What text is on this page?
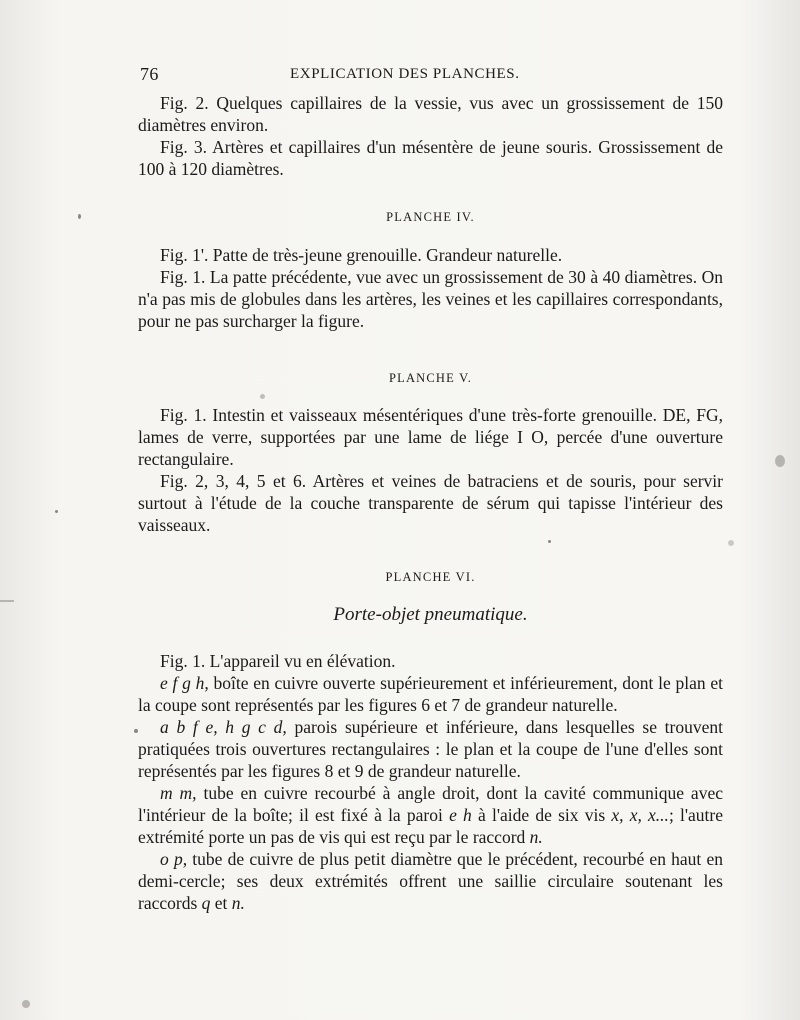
76	EXPLICATION DES PLANCHES.

Fig. 2. Quelques capillaires de la vessie, vus avec un grossissement de 150 diamètres environ.

Fig. 3. Artères et capillaires d'un mésentère de jeune souris. Grossissement de 100 à 120 diamètres.

PLANCHE IV.

Fig. 1'. Patte de très-jeune grenouille. Grandeur naturelle.

Fig. 1. La patte précédente, vue avec un grossissement de 30 à 40 diamètres. On n'a pas mis de globules dans les artères, les veines et les capillaires correspondants, pour ne pas surcharger la figure.

PLANCHE V.

Fig. 1. Intestin et vaisseaux mésentériques d'une très-forte grenouille. DE, FG, lames de verre, supportées par une lame de liége I O, percée d'une ouverture rectangulaire.

Fig. 2, 3, 4, 5 et 6. Artères et veines de batraciens et de souris, pour servir surtout à l'étude de la couche transparente de sérum qui tapisse l'intérieur des vaisseaux.

PLANCHE VI.
Porte-objet pneumatique.

Fig. 1. L'appareil vu en élévation.

e f g h, boîte en cuivre ouverte supérieurement et inférieurement, dont le plan et la coupe sont représentés par les figures 6 et 7 de grandeur naturelle.

a b f e, h g c d, parois supérieure et inférieure, dans lesquelles se trouvent pratiquées trois ouvertures rectangulaires : le plan et la coupe de l'une d'elles sont représentés par les figures 8 et 9 de grandeur naturelle.

m m, tube en cuivre recourbé à angle droit, dont la cavité communique avec l'intérieur de la boîte; il est fixé à la paroi e h à l'aide de six vis x, x, x...; l'autre extrémité porte un pas de vis qui est reçu par le raccord n.

o p, tube de cuivre de plus petit diamètre que le précédent, recourbé en haut en demi-cercle; ses deux extrémités offrent une saillie circulaire soutenant les raccords q et n.
